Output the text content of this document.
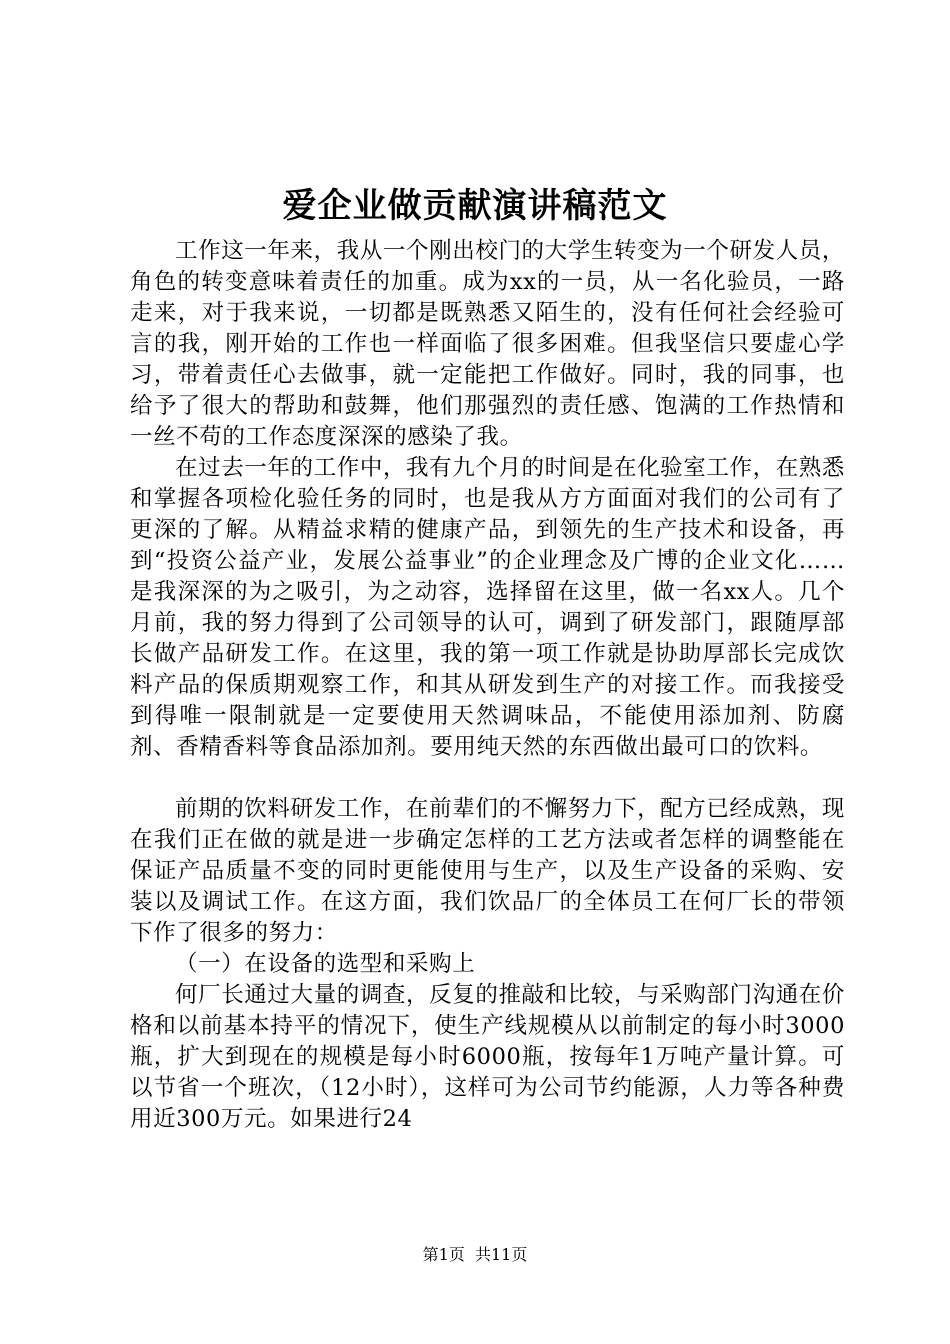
爱企业做贡献演讲稿范文

工作这一年来，我从一个刚出校门的大学生转变为一个研发人员，角色的转变意味着责任的加重。成为xx的一员，从一名化验员，一路走来，对于我来说，一切都是既熟悉又陌生的，没有任何社会经验可言的我，刚开始的工作也一样面临了很多困难。但我坚信只要虚心学习，带着责任心去做事，就一定能把工作做好。同时，我的同事，也给予了很大的帮助和鼓舞，他们那强烈的责任感、饱满的工作热情和一丝不苟的工作态度深深的感染了我。

在过去一年的工作中，我有九个月的时间是在化验室工作，在熟悉和掌握各项检化验任务的同时，也是我从方方面面对我们的公司有了更深的了解。从精益求精的健康产品，到领先的生产技术和设备，再到“投资公益产业，发展公益事业”的企业理念及广博的企业文化……是我深深的为之吸引，为之动容，选择留在这里，做一名xx人。几个月前，我的努力得到了公司领导的认可，调到了研发部门，跟随厚部长做产品研发工作。在这里，我的第一项工作就是协助厚部长完成饮料产品的保质期观察工作，和其从研发到生产的对接工作。而我接受到得唯一限制就是一定要使用天然调味品，不能使用添加剂、防腐剂、香精香料等食品添加剂。要用纯天然的东西做出最可口的饮料。

前期的饮料研发工作，在前辈们的不懈努力下，配方已经成熟，现在我们正在做的就是进一步确定怎样的工艺方法或者怎样的调整能在保证产品质量不变的同时更能使用与生产，以及生产设备的采购、安装以及调试工作。在这方面，我们饮品厂的全体员工在何厂长的带领下作了很多的努力：

（一）在设备的选型和采购上

何厂长通过大量的调查，反复的推敲和比较，与采购部门沟通在价格和以前基本持平的情况下，使生产线规模从以前制定的每小时3000瓶，扩大到现在的规模是每小时6000瓶，按每年1万吨产量计算。可以节省一个班次，（12小时），这样可为公司节约能源，人力等各种费用近300万元。如果进行24

第1页  共11页
